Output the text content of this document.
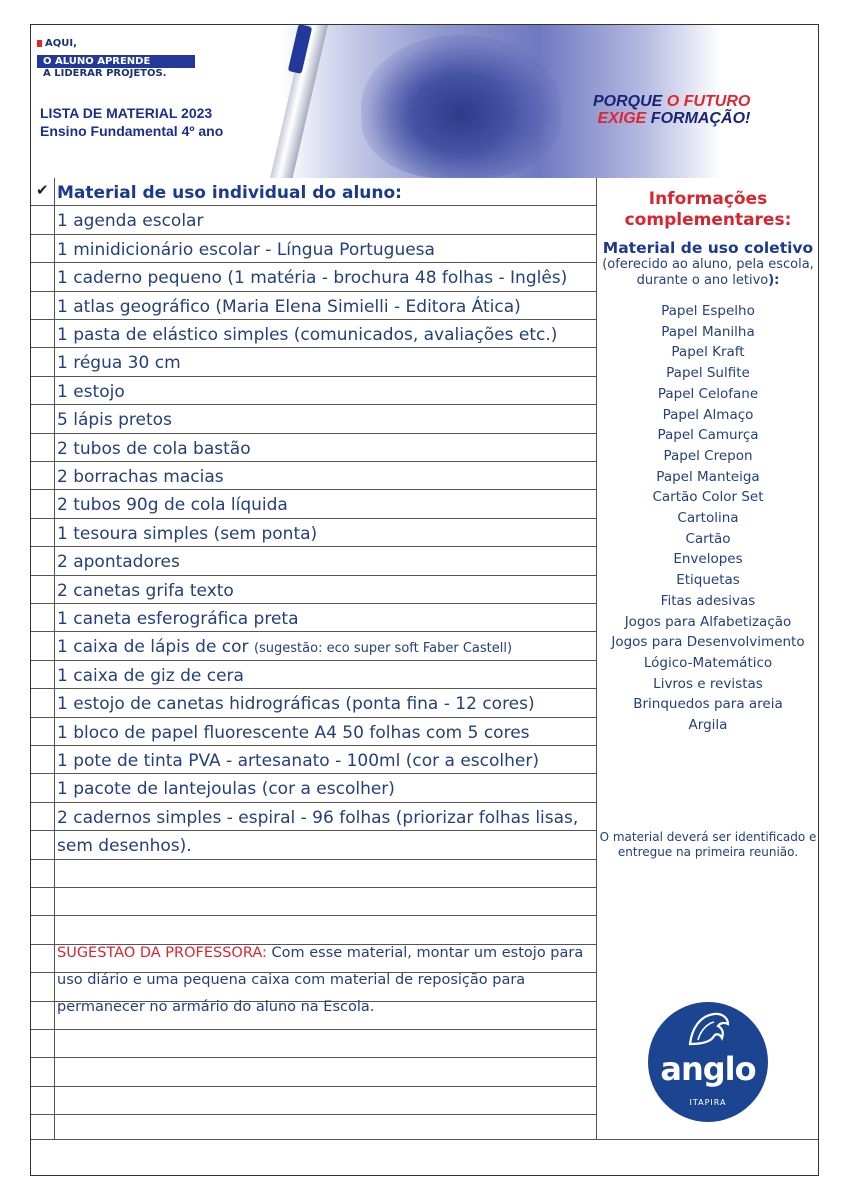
AQUI,
O ALUNO APRENDE
A LIDERAR PROJETOS.
LISTA DE MATERIAL 2023
Ensino Fundamental 4º ano
PORQUE O FUTURO
EXIGE FORMAÇÃO!
✔ Material de uso individual do aluno:
1 agenda escolar
1 minidicionário escolar - Língua Portuguesa
1 caderno pequeno (1 matéria - brochura 48 folhas - Inglês)
1 atlas geográfico (Maria Elena Simielli - Editora Ática)
1 pasta de elástico simples (comunicados, avaliações etc.)
1 régua 30 cm
1 estojo
5 lápis pretos
2 tubos de cola bastão
2 borrachas macias
2 tubos 90g de cola líquida
1 tesoura simples (sem ponta)
2 apontadores
2 canetas grifa texto
1 caneta esferográfica preta
1 caixa de lápis de cor (sugestão: eco super soft Faber Castell)
1 caixa de giz de cera
1 estojo de canetas hidrográficas (ponta fina - 12 cores)
1 bloco de papel fluorescente A4 50 folhas com 5 cores
1 pote de tinta PVA - artesanato - 100ml (cor a escolher)
1 pacote de lantejoulas (cor a escolher)
2 cadernos simples - espiral - 96 folhas (priorizar folhas lisas,
sem desenhos).
SUGESTÃO DA PROFESSORA: Com esse material, montar um estojo para uso diário e uma pequena caixa com material de reposição para permanecer no armário do aluno na Escola.
Informações complementares:
Material de uso coletivo
(oferecido ao aluno, pela escola, durante o ano letivo):
Papel Espelho
Papel Manilha
Papel Kraft
Papel Sulfite
Papel Celofane
Papel Almaço
Papel Camurça
Papel Crepon
Papel Manteiga
Cartão Color Set
Cartolina
Cartão
Envelopes
Etiquetas
Fitas adesivas
Jogos para Alfabetização
Jogos para Desenvolvimento
Lógico-Matemático
Livros e revistas
Brinquedos para areia
Argila
O material deverá ser identificado e entregue na primeira reunião.
anglo
ITAPIRA
